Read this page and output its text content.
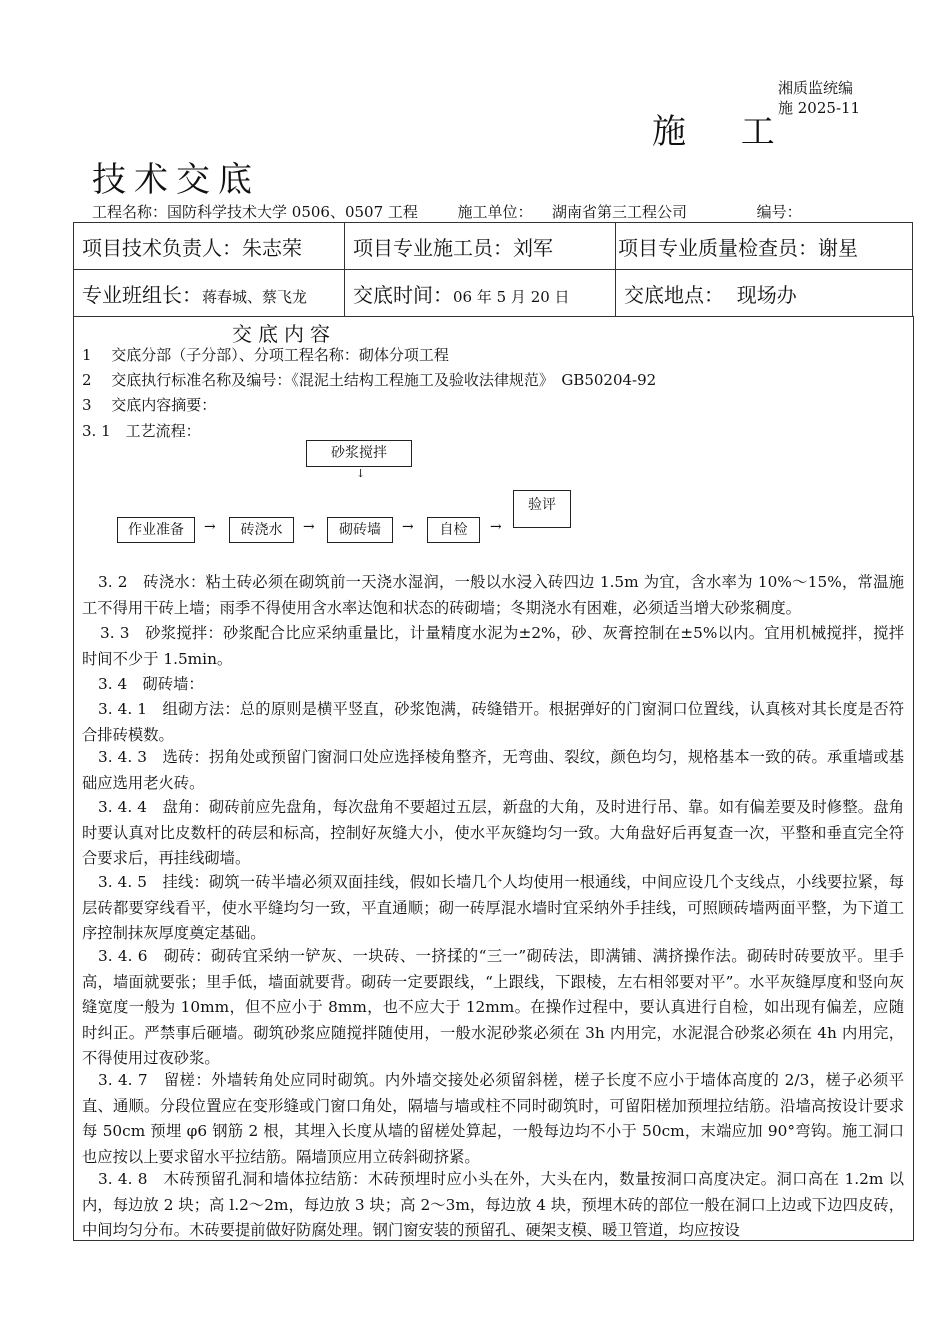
湘质监统编
施 2025-11
施 工
技术交底
工程名称：国防科学技术大学 0506、0507 工程	施工单位： 湖南省第三工程公司	编号：
项目技术负责人：朱志荣	项目专业施工员：刘军	项目专业质量检查员：谢星
专业班组长：蒋春城、蔡飞龙	交底时间：06 年 5 月 20 日	交底地点： 现场办
交底内容
1　 交底分部（子分部）、分项工程名称：砌体分项工程
2　 交底执行标准名称及编号：《混泥土结构工程施工及验收法律规范》　GB50204-92
3　 交底内容摘要：
3. 1　工艺流程：
砂浆搅拌
↓
作业准备	→	砖浇水	→	砌砖墙	→	自检	→
验评
3. 2　砖浇水：粘土砖必须在砌筑前一天浇水湿润，一般以水浸入砖四边 1.5m 为宜，含水率为 10%～15%，常温施工不得用干砖上墙；雨季不得使用含水率达饱和状态的砖砌墙；冬期浇水有困难，必须适当增大砂浆稠度。
3. 3　砂浆搅拌：砂浆配合比应采纳重量比，计量精度水泥为±2%，砂、灰膏控制在±5%以内。宜用机械搅拌，搅拌时间不少于 1.5min。
3. 4　砌砖墙：
3. 4. 1　组砌方法：总的原则是横平竖直，砂浆饱满，砖缝错开。根据弹好的门窗洞口位置线，认真核对其长度是否符合排砖模数。
3. 4. 3　选砖：拐角处或预留门窗洞口处应选择棱角整齐，无弯曲、裂纹，颜色均匀，规格基本一致的砖。承重墙或基础应选用老火砖。
3. 4. 4　盘角：砌砖前应先盘角，每次盘角不要超过五层，新盘的大角，及时进行吊、靠。如有偏差要及时修整。盘角时要认真对比皮数杆的砖层和标高，控制好灰缝大小，使水平灰缝均匀一致。大角盘好后再复查一次，平整和垂直完全符合要求后，再挂线砌墙。
3. 4. 5　挂线：砌筑一砖半墙必须双面挂线，假如长墙几个人均使用一根通线，中间应设几个支线点，小线要拉紧，每层砖都要穿线看平，使水平缝均匀一致，平直通顺；砌一砖厚混水墙时宜采纳外手挂线，可照顾砖墙两面平整，为下道工序控制抹灰厚度奠定基础。
3. 4. 6　砌砖：砌砖宜采纳一铲灰、一块砖、一挤揉的“三一”砌砖法，即满铺、满挤操作法。砌砖时砖要放平。里手高，墙面就要张；里手低，墙面就要背。砌砖一定要跟线，“上跟线，下跟棱，左右相邻要对平”。水平灰缝厚度和竖向灰缝宽度一般为 10mm，但不应小于 8mm，也不应大于 12mm。在操作过程中，要认真进行自检，如出现有偏差，应随时纠正。严禁事后砸墙。砌筑砂浆应随搅拌随使用，一般水泥砂浆必须在 3h 内用完，水泥混合砂浆必须在 4h 内用完，不得使用过夜砂浆。
3. 4. 7　留槎：外墙转角处应同时砌筑。内外墙交接处必须留斜槎，槎子长度不应小于墙体高度的 2/3，槎子必须平直、通顺。分段位置应在变形缝或门窗口角处，隔墙与墙或柱不同时砌筑时，可留阳槎加预埋拉结筋。沿墙高按设计要求每 50cm 预埋 φ6 钢筋 2 根，其埋入长度从墙的留槎处算起，一般每边均不小于 50cm，末端应加 90°弯钩。施工洞口也应按以上要求留水平拉结筋。隔墙顶应用立砖斜砌挤紧。
3. 4. 8　木砖预留孔洞和墙体拉结筋：木砖预埋时应小头在外，大头在内，数量按洞口高度决定。洞口高在 1.2m 以内，每边放 2 块；高 l.2～2m，每边放 3 块；高 2～3m，每边放 4 块，预埋木砖的部位一般在洞口上边或下边四皮砖，中间均匀分布。木砖要提前做好防腐处理。钢门窗安装的预留孔、硬架支模、暖卫管道，均应按设
